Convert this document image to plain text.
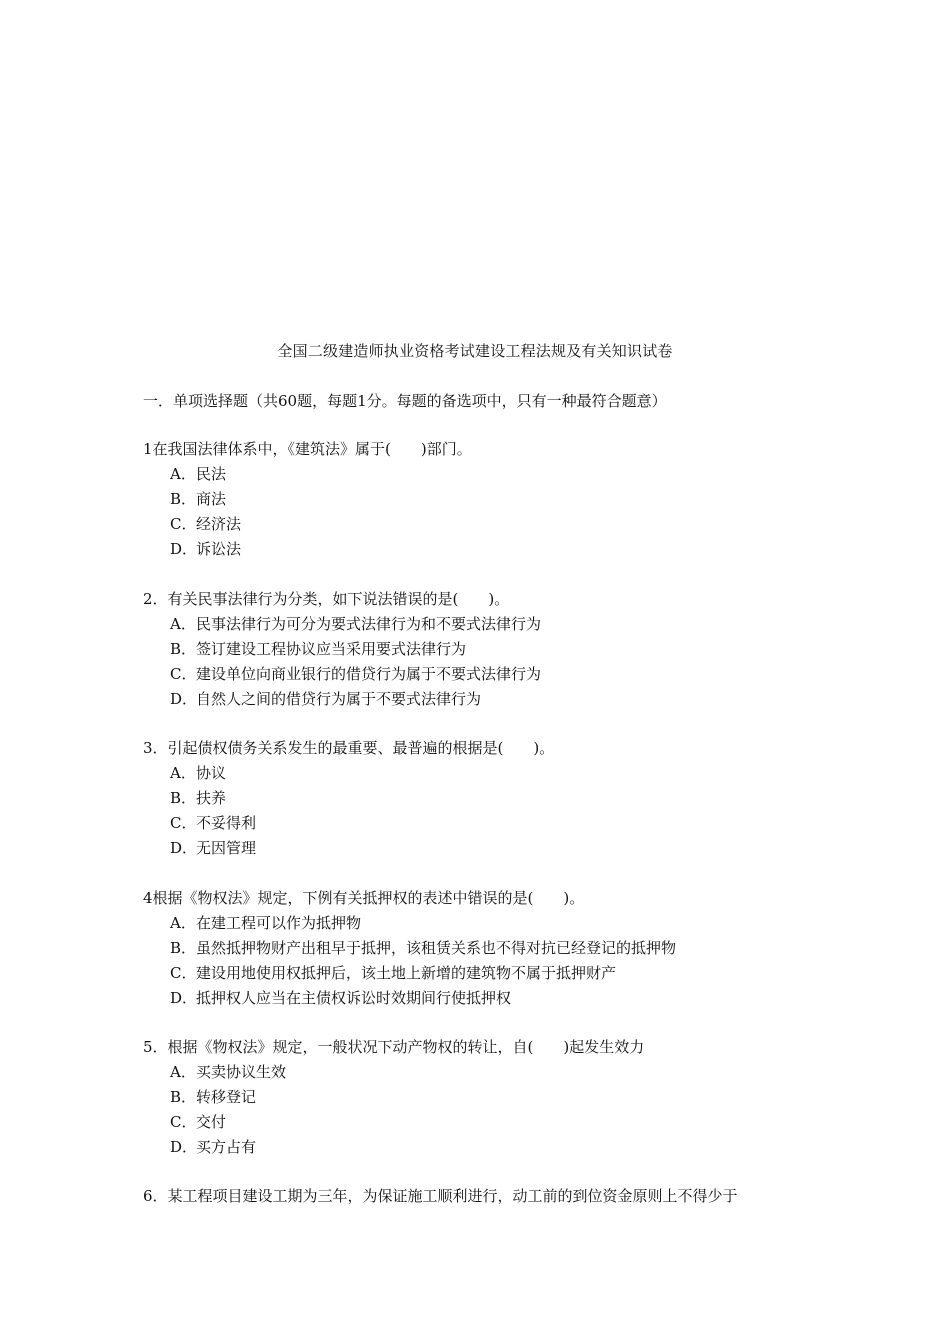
全国二级建造师执业资格考试建设工程法规及有关知识试卷
一．单项选择题（共60题，每题1分。每题的备选项中，只有一种最符合题意）
1在我国法律体系中，《建筑法》属于(　　)部门。
A．民法
B．商法
C．经济法
D．诉讼法
2．有关民事法律行为分类，如下说法错误的是(　　)。
A．民事法律行为可分为要式法律行为和不要式法律行为
B．签订建设工程协议应当采用要式法律行为
C．建设单位向商业银行的借贷行为属于不要式法律行为
D．自然人之间的借贷行为属于不要式法律行为
3．引起债权债务关系发生的最重要、最普遍的根据是(　　)。
A．协议
B．扶养
C．不妥得利
D．无因管理
4根据《物权法》规定，下例有关抵押权的表述中错误的是(　　)。
A．在建工程可以作为抵押物
B．虽然抵押物财产出租早于抵押，该租赁关系也不得对抗已经登记的抵押物
C．建设用地使用权抵押后，该土地上新增的建筑物不属于抵押财产
D．抵押权人应当在主债权诉讼时效期间行使抵押权
5．根据《物权法》规定，一般状况下动产物权的转让，自(　　)起发生效力
A．买卖协议生效
B．转移登记
C．交付
D．买方占有
6．某工程项目建设工期为三年，为保证施工顺利进行，动工前的到位资金原则上不得少于
